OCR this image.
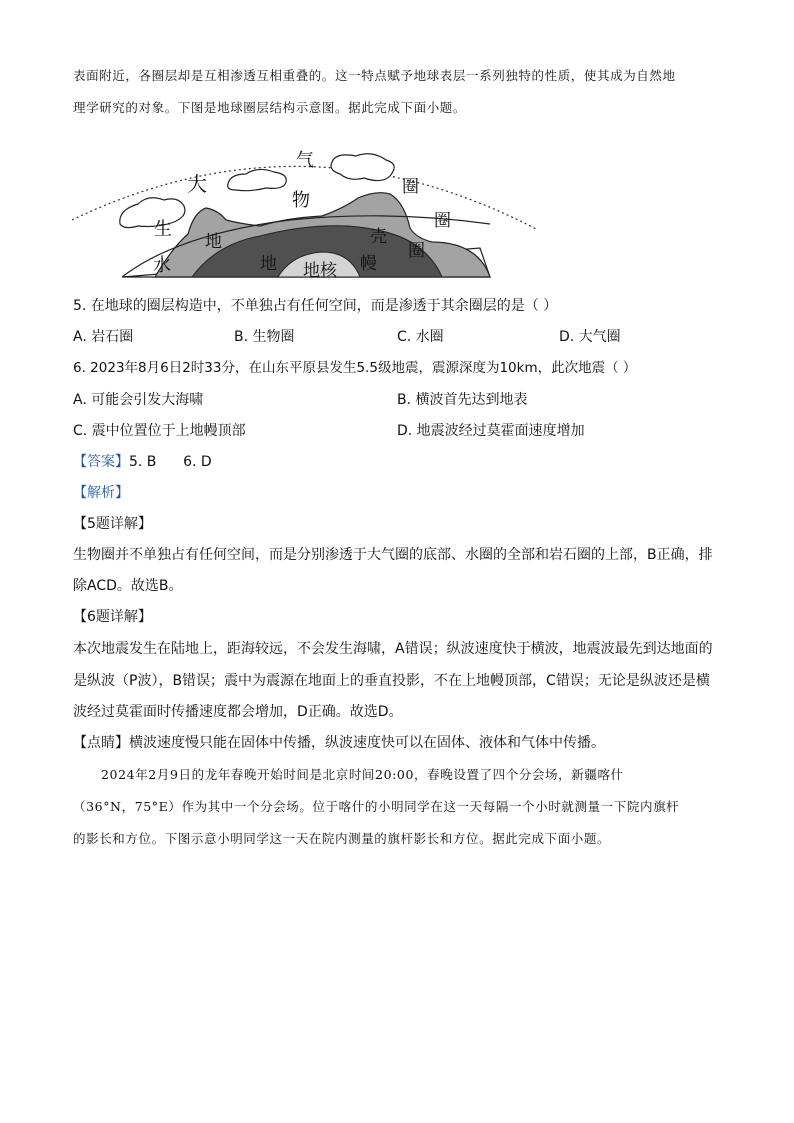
表面附近，各圈层却是互相渗透互相重叠的。这一特点赋予地球表层一系列独特的性质，使其成为自然地
理学研究的对象。下图是地球圈层结构示意图。据此完成下面小题。
大
气
圈
物
生	圈
地	壳
圈
水	地 地核 幔
5. 在地球的圈层构造中，不单独占有任何空间，而是渗透于其余圈层的是（ ）
A. 岩石圈	B. 生物圈	C. 水圈	D. 大气圈
6. 2023年8月6日2时33分，在山东平原县发生5.5级地震，震源深度为10km，此次地震（ ）
A. 可能会引发大海啸	B. 横波首先达到地表
C. 震中位置位于上地幔顶部	D. 地震波经过莫霍面速度增加
【答案】5. B      6. D
【解析】
【5题详解】
生物圈并不单独占有任何空间，而是分别渗透于大气圈的底部、水圈的全部和岩石圈的上部，B正确，排
除ACD。故选B。
【6题详解】
本次地震发生在陆地上，距海较远，不会发生海啸，A错误；纵波速度快于横波，地震波最先到达地面的
是纵波（P波），B错误；震中为震源在地面上的垂直投影，不在上地幔顶部，C错误；无论是纵波还是横
波经过莫霍面时传播速度都会增加，D正确。故选D。
【点睛】横波速度慢只能在固体中传播，纵波速度快可以在固体、液体和气体中传播。
2024年2月9日的龙年春晚开始时间是北京时间20:00，春晚设置了四个分会场，新疆喀什
（36°N，75°E）作为其中一个分会场。位于喀什的小明同学在这一天每隔一个小时就测量一下院内旗杆
的影长和方位。下图示意小明同学这一天在院内测量的旗杆影长和方位。据此完成下面小题。
